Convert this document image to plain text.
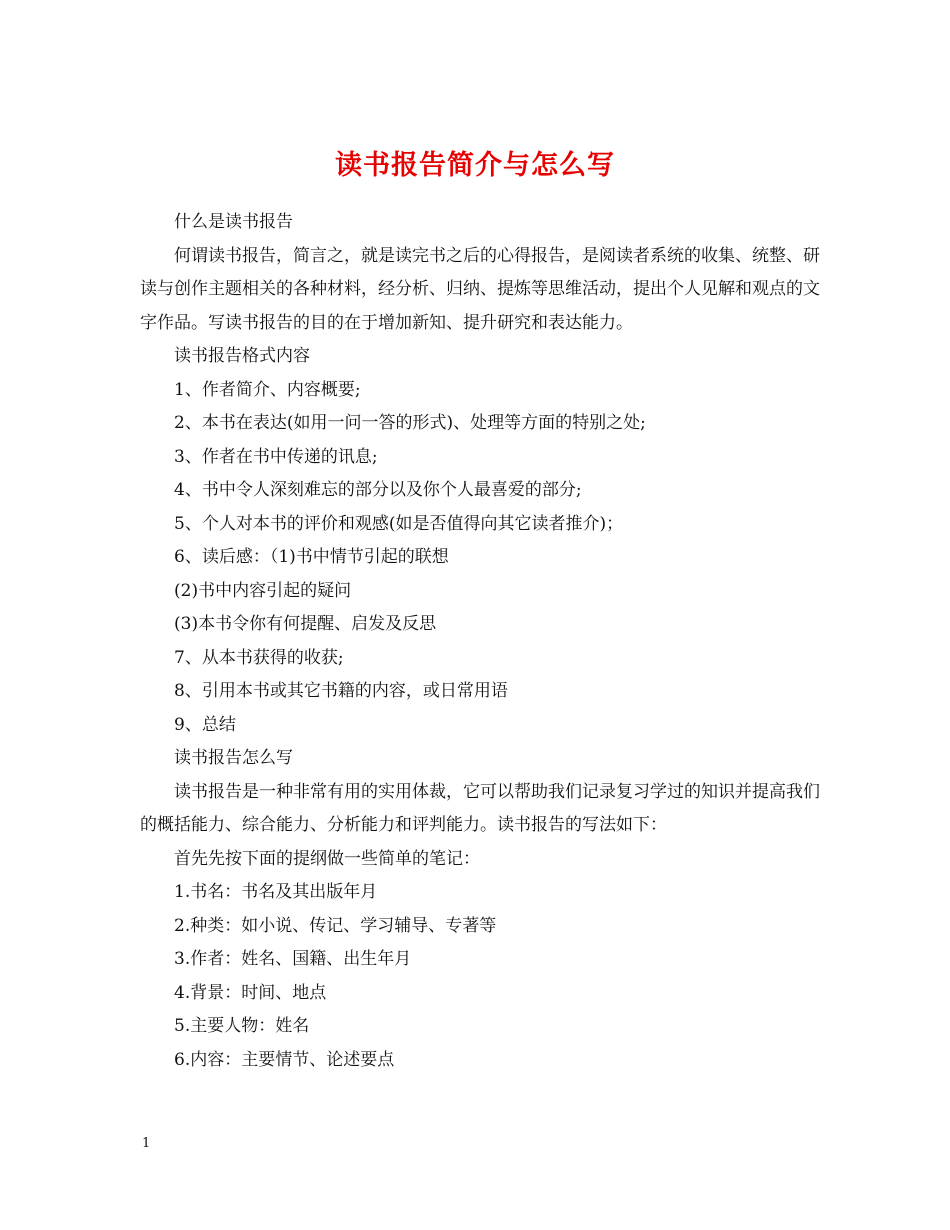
读书报告简介与怎么写

什么是读书报告

何谓读书报告，简言之，就是读完书之后的心得报告，是阅读者系统的收集、统整、研读与创作主题相关的各种材料，经分析、归纳、提炼等思维活动，提出个人见解和观点的文字作品。写读书报告的目的在于增加新知、提升研究和表达能力。

读书报告格式内容

1、作者简介、内容概要;

2、本书在表达(如用一问一答的形式)、处理等方面的特别之处;

3、作者在书中传递的讯息;

4、书中令人深刻难忘的部分以及你个人最喜爱的部分;

5、个人对本书的评价和观感(如是否值得向其它读者推介)；

6、读后感：（1)书中情节引起的联想

(2)书中内容引起的疑问

(3)本书令你有何提醒、启发及反思

7、从本书获得的收获;

8、引用本书或其它书籍的内容，或日常用语

9、总结

读书报告怎么写

读书报告是一种非常有用的实用体裁，它可以帮助我们记录复习学过的知识并提高我们的概括能力、综合能力、分析能力和评判能力。读书报告的写法如下：

首先先按下面的提纲做一些简单的笔记：

1.书名：书名及其出版年月

2.种类：如小说、传记、学习辅导、专著等

3.作者：姓名、国籍、出生年月

4.背景：时间、地点

5.主要人物：姓名

6.内容：主要情节、论述要点

1
